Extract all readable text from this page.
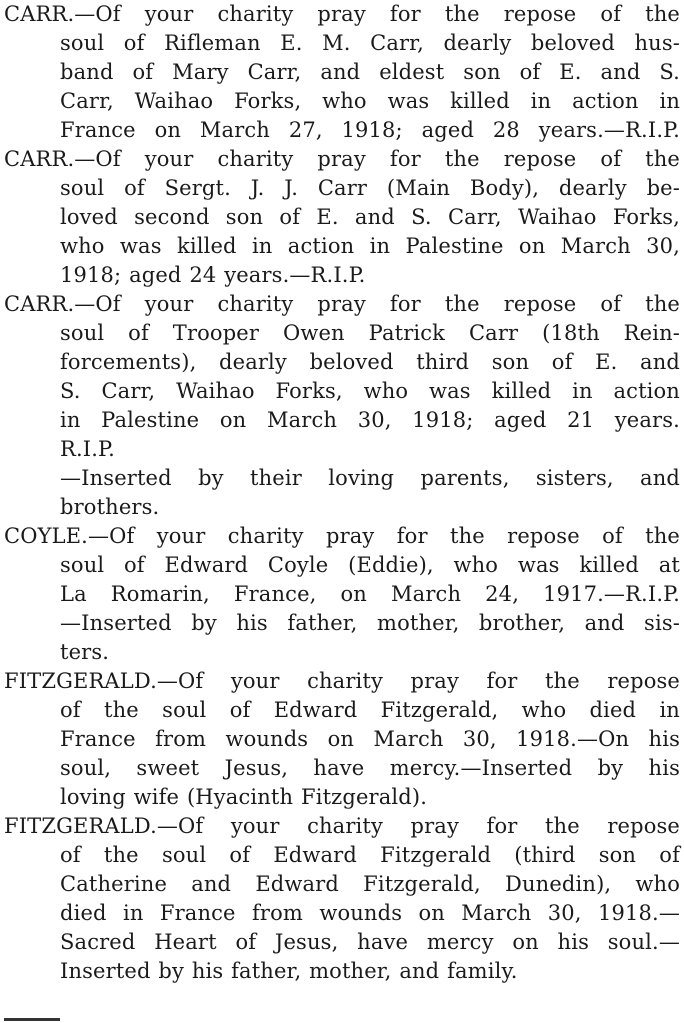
CARR.—Of your charity pray for the repose of the
soul of Rifleman E. M. Carr, dearly beloved hus-
band of Mary Carr, and eldest son of E. and S.
Carr, Waihao Forks, who was killed in action in
France on March 27, 1918; aged 28 years.—R.I.P.
CARR.—Of your charity pray for the repose of the
soul of Sergt. J. J. Carr (Main Body), dearly be-
loved second son of E. and S. Carr, Waihao Forks,
who was killed in action in Palestine on March 30,
1918; aged 24 years.—R.I.P.
CARR.—Of your charity pray for the repose of the
soul of Trooper Owen Patrick Carr (18th Rein-
forcements), dearly beloved third son of E. and
S. Carr, Waihao Forks, who was killed in action
in Palestine on March 30, 1918; aged 21 years.
R.I.P.
—Inserted by their loving parents, sisters, and
brothers.
COYLE.—Of your charity pray for the repose of the
soul of Edward Coyle (Eddie), who was killed at
La Romarin, France, on March 24, 1917.—R.I.P.
—Inserted by his father, mother, brother, and sis-
ters.
FITZGERALD.—Of your charity pray for the repose
of the soul of Edward Fitzgerald, who died in
France from wounds on March 30, 1918.—On his
soul, sweet Jesus, have mercy.—Inserted by his
loving wife (Hyacinth Fitzgerald).
FITZGERALD.—Of your charity pray for the repose
of the soul of Edward Fitzgerald (third son of
Catherine and Edward Fitzgerald, Dunedin), who
died in France from wounds on March 30, 1918.—
Sacred Heart of Jesus, have mercy on his soul.—
Inserted by his father, mother, and family.
